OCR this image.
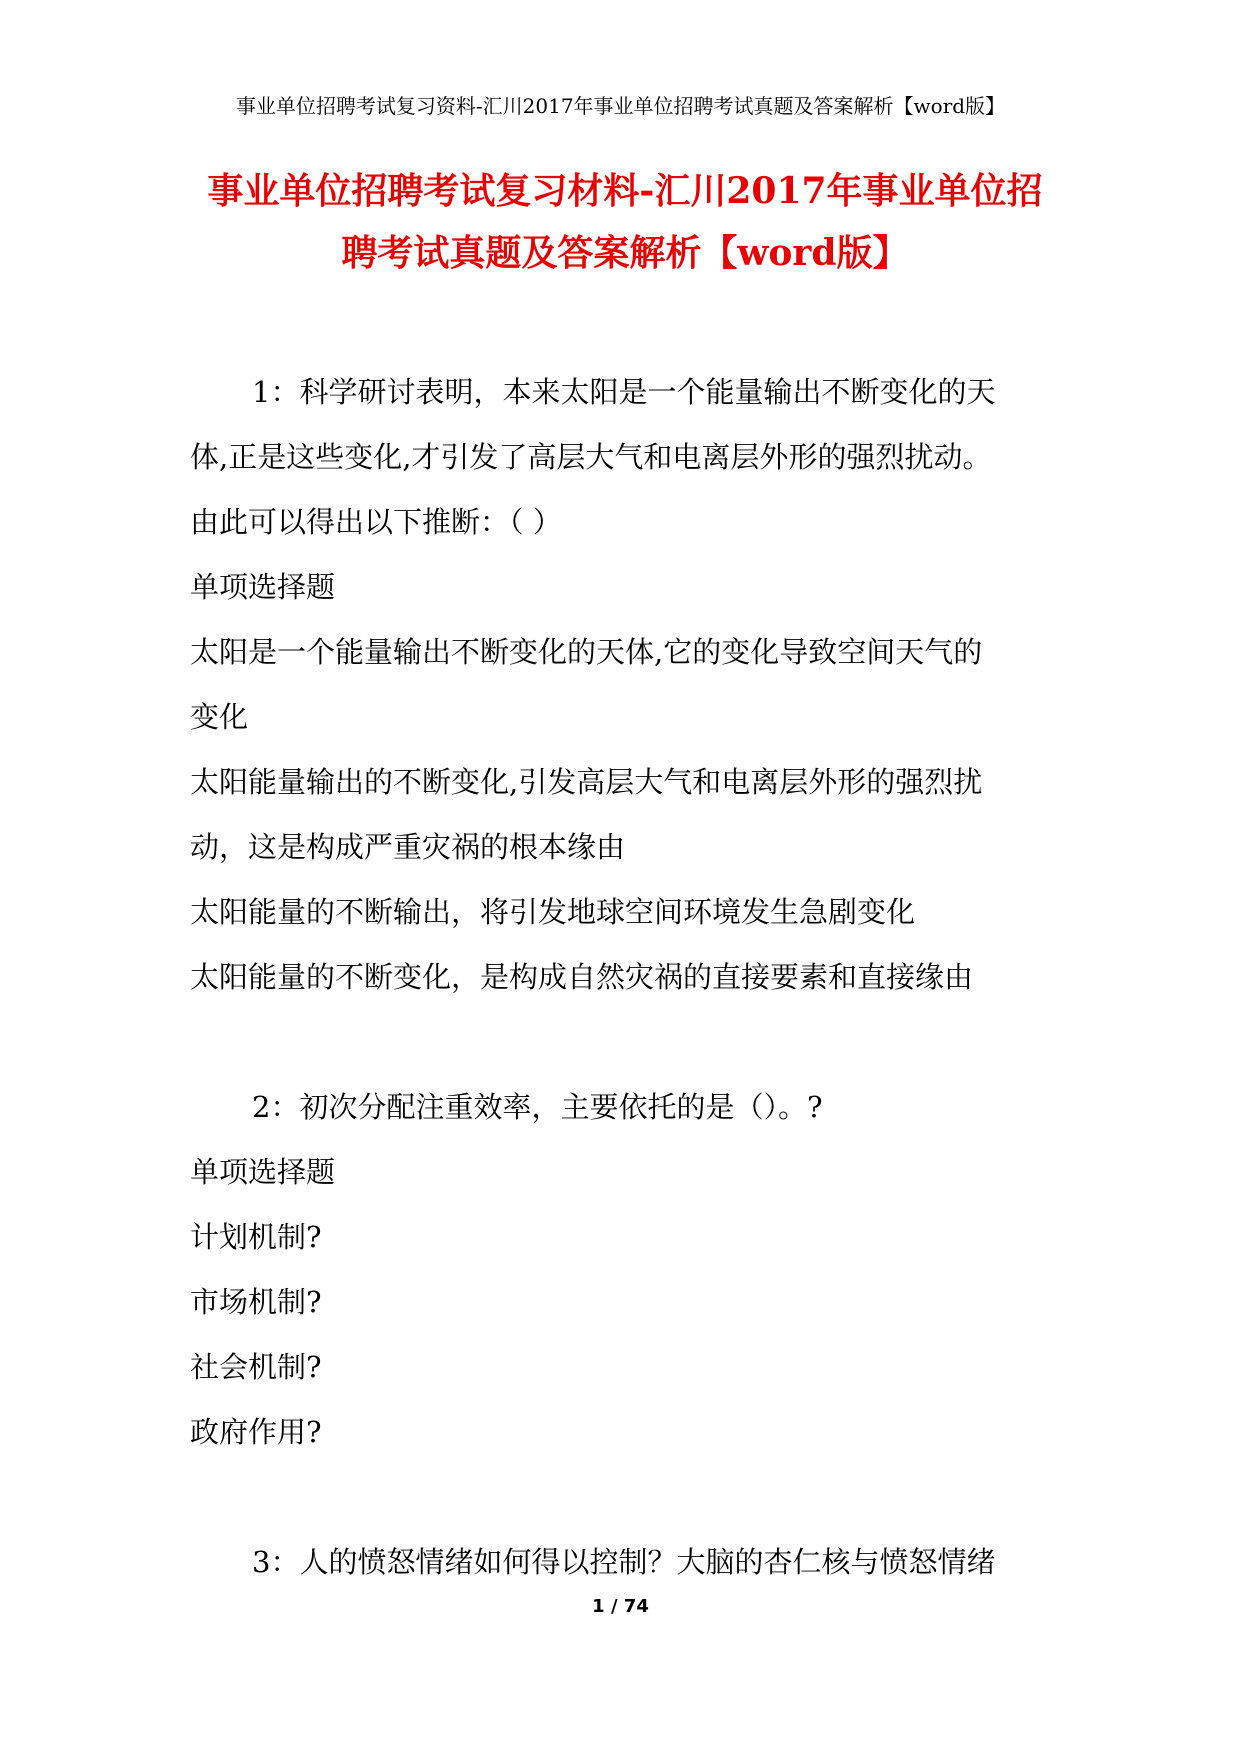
事业单位招聘考试复习资料-汇川2017年事业单位招聘考试真题及答案解析【word版】
事业单位招聘考试复习材料-汇川2017年事业单位招
聘考试真题及答案解析【word版】
1：科学研讨表明，本来太阳是一个能量输出不断变化的天
体,正是这些变化,才引发了高层大气和电离层外形的强烈扰动。
由此可以得出以下推断：（ ）
单项选择题
太阳是一个能量输出不断变化的天体,它的变化导致空间天气的
变化
太阳能量输出的不断变化,引发高层大气和电离层外形的强烈扰
动，这是构成严重灾祸的根本缘由
太阳能量的不断输出，将引发地球空间环境发生急剧变化
太阳能量的不断变化，是构成自然灾祸的直接要素和直接缘由
2：初次分配注重效率，主要依托的是（）。?
单项选择题
计划机制?
市场机制?
社会机制?
政府作用?
3：人的愤怒情绪如何得以控制？大脑的杏仁核与愤怒情绪
1 / 74
